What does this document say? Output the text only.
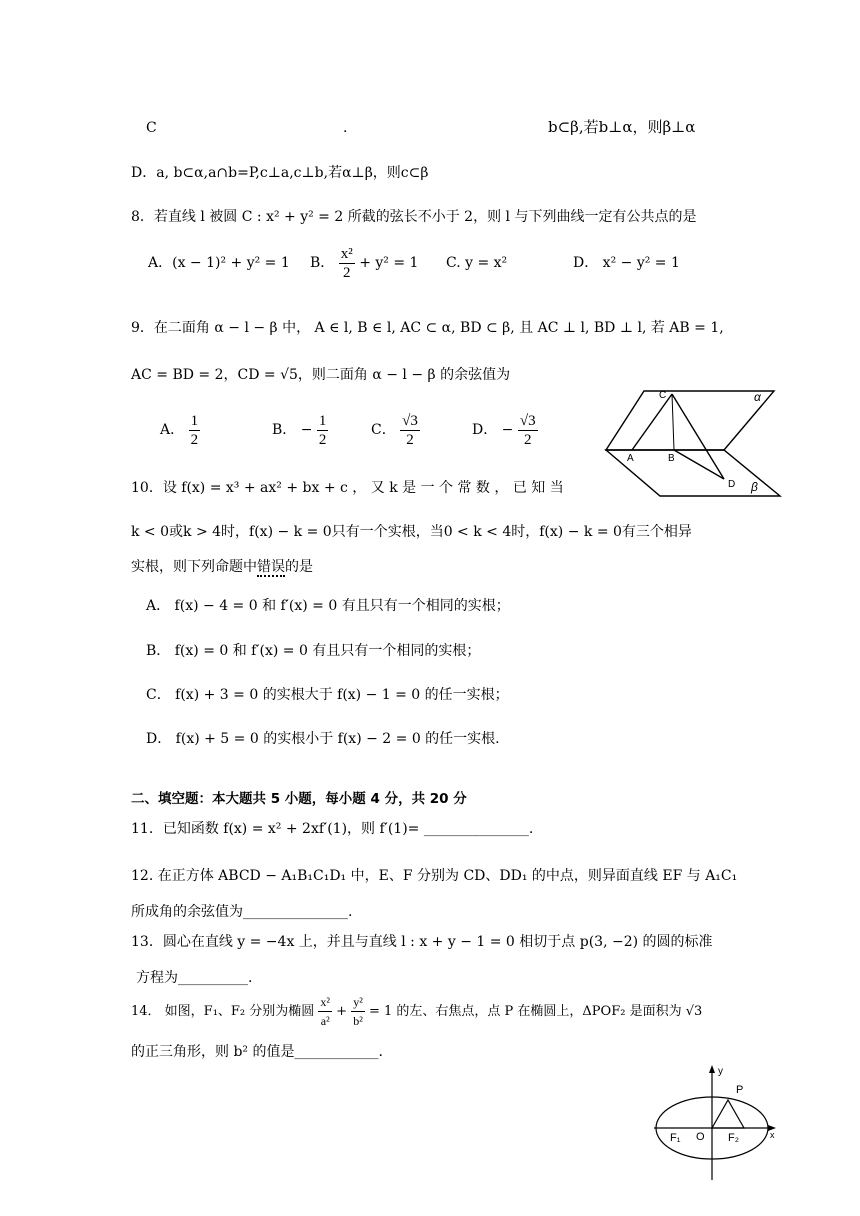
C	.	b⊂β,若b⊥α，则β⊥α
D．a, b⊂α,a∩b=P,c⊥a,c⊥b,若α⊥β，则c⊂β
8．若直线 l 被圆 C : x² + y² = 2 所截的弦长不小于 2，则 l 与下列曲线一定有公共点的是
A．(x − 1)² + y² = 1 B． $\frac{\text{x²}}{2} + y^2 = 1$ C. y = x²	D． x² − y² = 1
9．在二面角 α − l − β 中， A ∈ l, B ∈ l, AC ⊂ α, BD ⊂ β, 且 AC ⊥ l, BD ⊥ l, 若 AB = 1,
AC = BD = 2，CD = √5，则二面角 α − l − β 的余弦值为
A． $\frac{1}{2}$	B． − $\frac{1}{2}$	C． $\frac{√3}{2}$	D． − $\frac{√3}{2}$
C	α
A	B
D β
10．设 f(x) = x³ + ax² + bx + c ， 又 k 是 一 个 常 数 ， 已 知 当
k < 0或k > 4时，f(x) − k = 0只有一个实根，当0 < k < 4时，f(x) − k = 0有三个相异
实根，则下列命题中错误的是
A． f(x) − 4 = 0 和 f′(x) = 0 有且只有一个相同的实根；
B． f(x) = 0 和 f′(x) = 0 有且只有一个相同的实根；
C． f(x) + 3 = 0 的实根大于 f(x) − 1 = 0 的任一实根；
D． f(x) + 5 = 0 的实根小于 f(x) − 2 = 0 的任一实根.
二、填空题：本大题共 5 小题，每小题 4 分，共 20 分
11．已知函数 f(x) = x² + 2xf′(1)，则 f′(1)= _______________.
12. 在正方体 ABCD − A₁B₁C₁D₁ 中，E、F 分别为 CD、DD₁ 的中点，则异面直线 EF 与 A₁C₁
所成角的余弦值为_______________.
13．圆心在直线 y = −4x 上，并且与直线 l : x + y − 1 = 0 相切于点 p(3, −2) 的圆的标准
方程为__________.
14． 如图，F₁、F₂ 分别为椭圆 $\frac{\text{x²}}{\text{a²}} + \frac{\text{y²}}{\text{b²}} = 1$ 的左、右焦点，点 P 在椭圆上，ΔPOF₂ 是面积为 √3
的正三角形，则 b² 的值是____________.
y
P
F₁ O F₂	x
